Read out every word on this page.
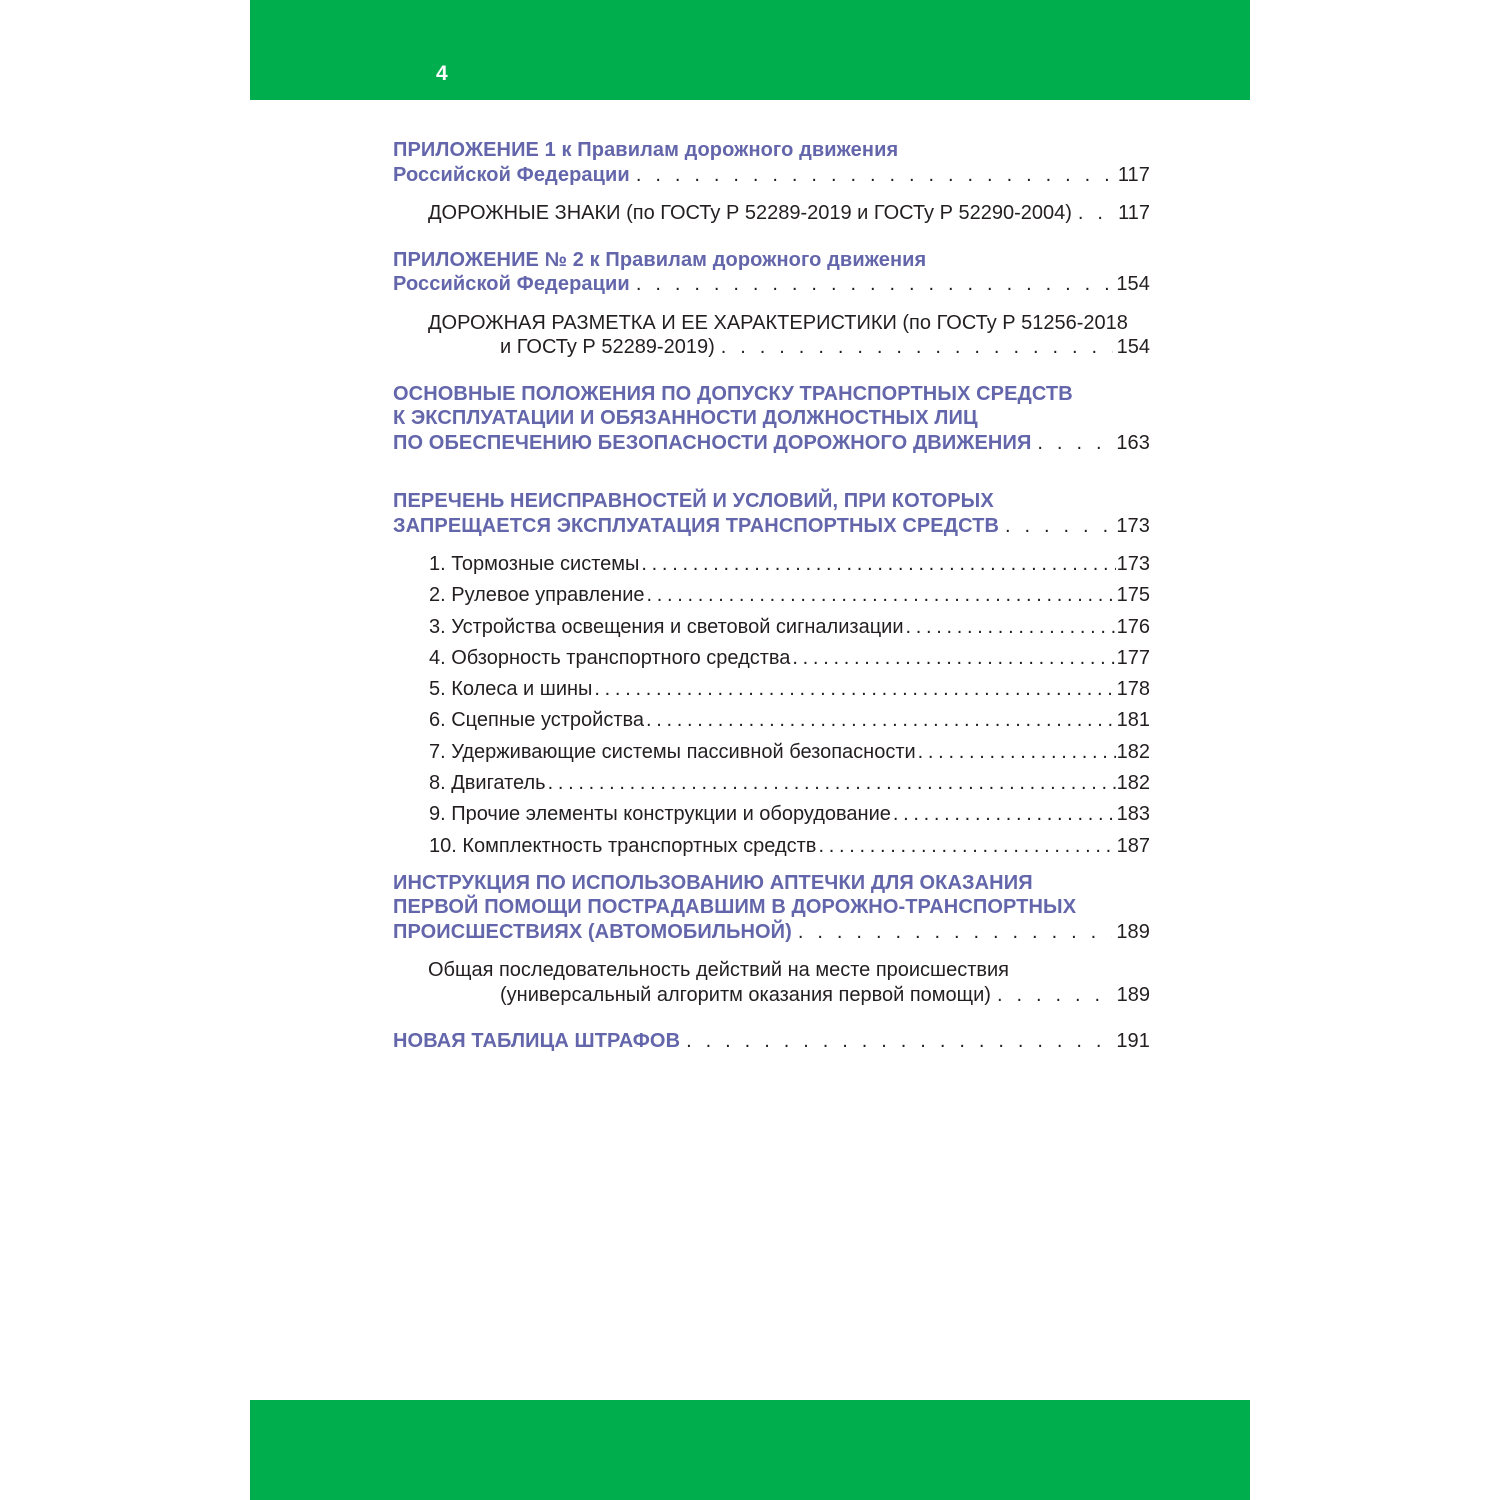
4
ПРИЛОЖЕНИЕ 1 к Правилам дорожного движения
Российской Федерации . . .	117
ДОРОЖНЫЕ ЗНАКИ (по ГОСТу Р 52289-2019 и ГОСТу Р 52290-2004) . . . 117
ПРИЛОЖЕНИЕ № 2 к Правилам дорожного движения
Российской Федерации . . .	154
ДОРОЖНАЯ РАЗМЕТКА И ЕЕ ХАРАКТЕРИСТИКИ (по ГОСТу Р 51256-2018
и ГОСТу Р 52289-2019) . . .	154
ОСНОВНЫЕ ПОЛОЖЕНИЯ ПО ДОПУСКУ ТРАНСПОРТНЫХ СРЕДСТВ
К ЭКСПЛУАТАЦИИ И ОБЯЗАННОСТИ ДОЛЖНОСТНЫХ ЛИЦ
ПО ОБЕСПЕЧЕНИЮ БЕЗОПАСНОСТИ ДОРОЖНОГО ДВИЖЕНИЯ . . .	163
ПЕРЕЧЕНЬ НЕИСПРАВНОСТЕЙ И УСЛОВИЙ, ПРИ КОТОРЫХ
ЗАПРЕЩАЕТСЯ ЭКСПЛУАТАЦИЯ ТРАНСПОРТНЫХ СРЕДСТВ . . .	173
1. Тормозные системы .....	173
2. Рулевое управление .....	175
3. Устройства освещения и световой сигнализации .....	176
4. Обзорность транспортного средства .....	177
5. Колеса и шины .....	178
6. Сцепные устройства .....	181
7. Удерживающие системы пассивной безопасности .....	182
8. Двигатель .....	182
9. Прочие элементы конструкции и оборудование .....	183
10. Комплектность транспортных средств .....	187
ИНСТРУКЦИЯ ПО ИСПОЛЬЗОВАНИЮ АПТЕЧКИ ДЛЯ ОКАЗАНИЯ
ПЕРВОЙ ПОМОЩИ ПОСТРАДАВШИМ В ДОРОЖНО-ТРАНСПОРТНЫХ
ПРОИСШЕСТВИЯХ (АВТОМОБИЛЬНОЙ) . . .	189
Общая последовательность действий на месте происшествия
(универсальный алгоритм оказания первой помощи) . . .	189
НОВАЯ ТАБЛИЦА ШТРАФОВ . . .	191
